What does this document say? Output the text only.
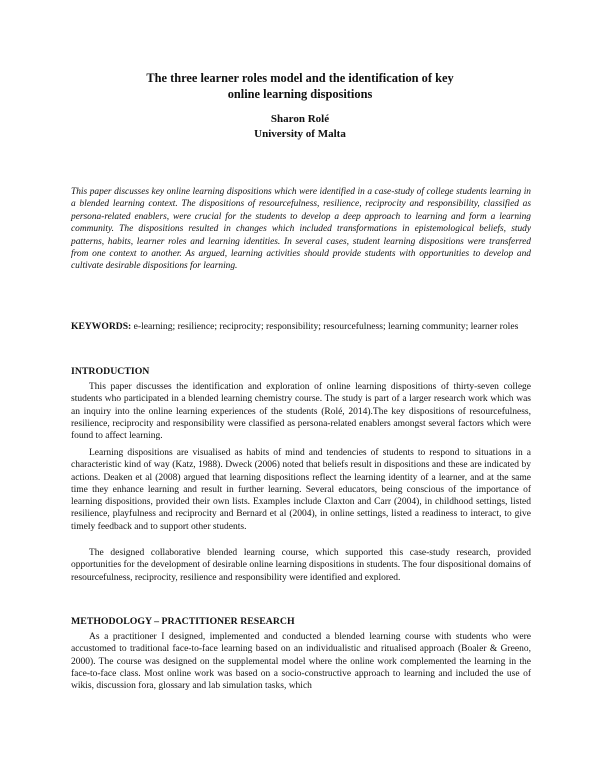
The three learner roles model and the identification of key
online learning dispositions
Sharon Rolé
University of Malta

This paper discusses key online learning dispositions which were identified in a case-study of college students learning in a blended learning context. The dispositions of resourcefulness, resilience, reciprocity and responsibility, classified as persona-related enablers, were crucial for the students to develop a deep approach to learning and form a learning community. The dispositions resulted in changes which included transformations in epistemological beliefs, study patterns, habits, learner roles and learning identities. In several cases, student learning dispositions were transferred from one context to another. As argued, learning activities should provide students with opportunities to develop and cultivate desirable dispositions for learning.

KEYWORDS: e-learning; resilience; reciprocity; responsibility; resourcefulness; learning community; learner roles

INTRODUCTION

This paper discusses the identification and exploration of online learning dispositions of thirty-seven college students who participated in a blended learning chemistry course. The study is part of a larger research work which was an inquiry into the online learning experiences of the students (Rolé, 2014).The key dispositions of resourcefulness, resilience, reciprocity and responsibility were classified as persona-related enablers amongst several factors which were found to affect learning.

Learning dispositions are visualised as habits of mind and tendencies of students to respond to situations in a characteristic kind of way (Katz, 1988). Dweck (2006) noted that beliefs result in dispositions and these are indicated by actions. Deaken et al (2008) argued that learning dispositions reflect the learning identity of a learner, and at the same time they enhance learning and result in further learning. Several educators, being conscious of the importance of learning dispositions, provided their own lists. Examples include Claxton and Carr (2004), in childhood settings, listed resilience, playfulness and reciprocity and Bernard et al (2004), in online settings, listed a readiness to interact, to give timely feedback and to support other students.

The designed collaborative blended learning course, which supported this case-study research, provided opportunities for the development of desirable online learning dispositions in students. The four dispositional domains of resourcefulness, reciprocity, resilience and responsibility were identified and explored.

METHODOLOGY – PRACTITIONER RESEARCH

As a practitioner I designed, implemented and conducted a blended learning course with students who were accustomed to traditional face-to-face learning based on an individualistic and ritualised approach (Boaler & Greeno, 2000). The course was designed on the supplemental model where the online work complemented the learning in the face-to-face class. Most online work was based on a socio-constructive approach to learning and included the use of wikis, discussion fora, glossary and lab simulation tasks, which
